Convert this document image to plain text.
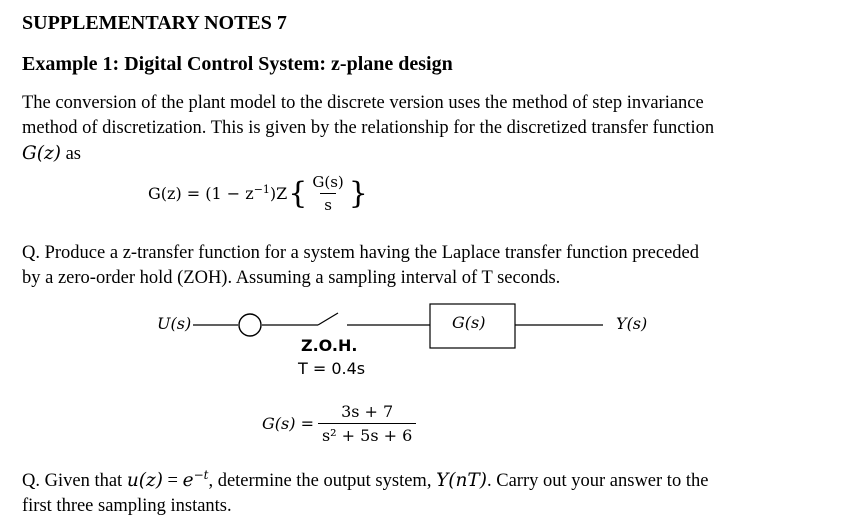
SUPPLEMENTARY NOTES 7
Example 1: Digital Control System: z-plane design
The conversion of the plant model to the discrete version uses the method of step invariance
method of discretization. This is given by the relationship for the discretized transfer function
G(z) as
$G(z) = (1 - z^{-1}$ )Z { $\frac{G(s)}{s}$ }
Q. Produce a z-transfer function for a system having the Laplace transfer function preceded
by a zero-order hold (ZOH). Assuming a sampling interval of T seconds.
U(s)
Z.O.H.
T = 0.4s
G(s)	Y(s)
$G(s) = \frac{3s + 7}{\text{s² + 5s + 6}}$
Q. Given that $u(z) = e^{-t}$, determine the output system, Y(nT). Carry out your answer to the
first three sampling instants.
